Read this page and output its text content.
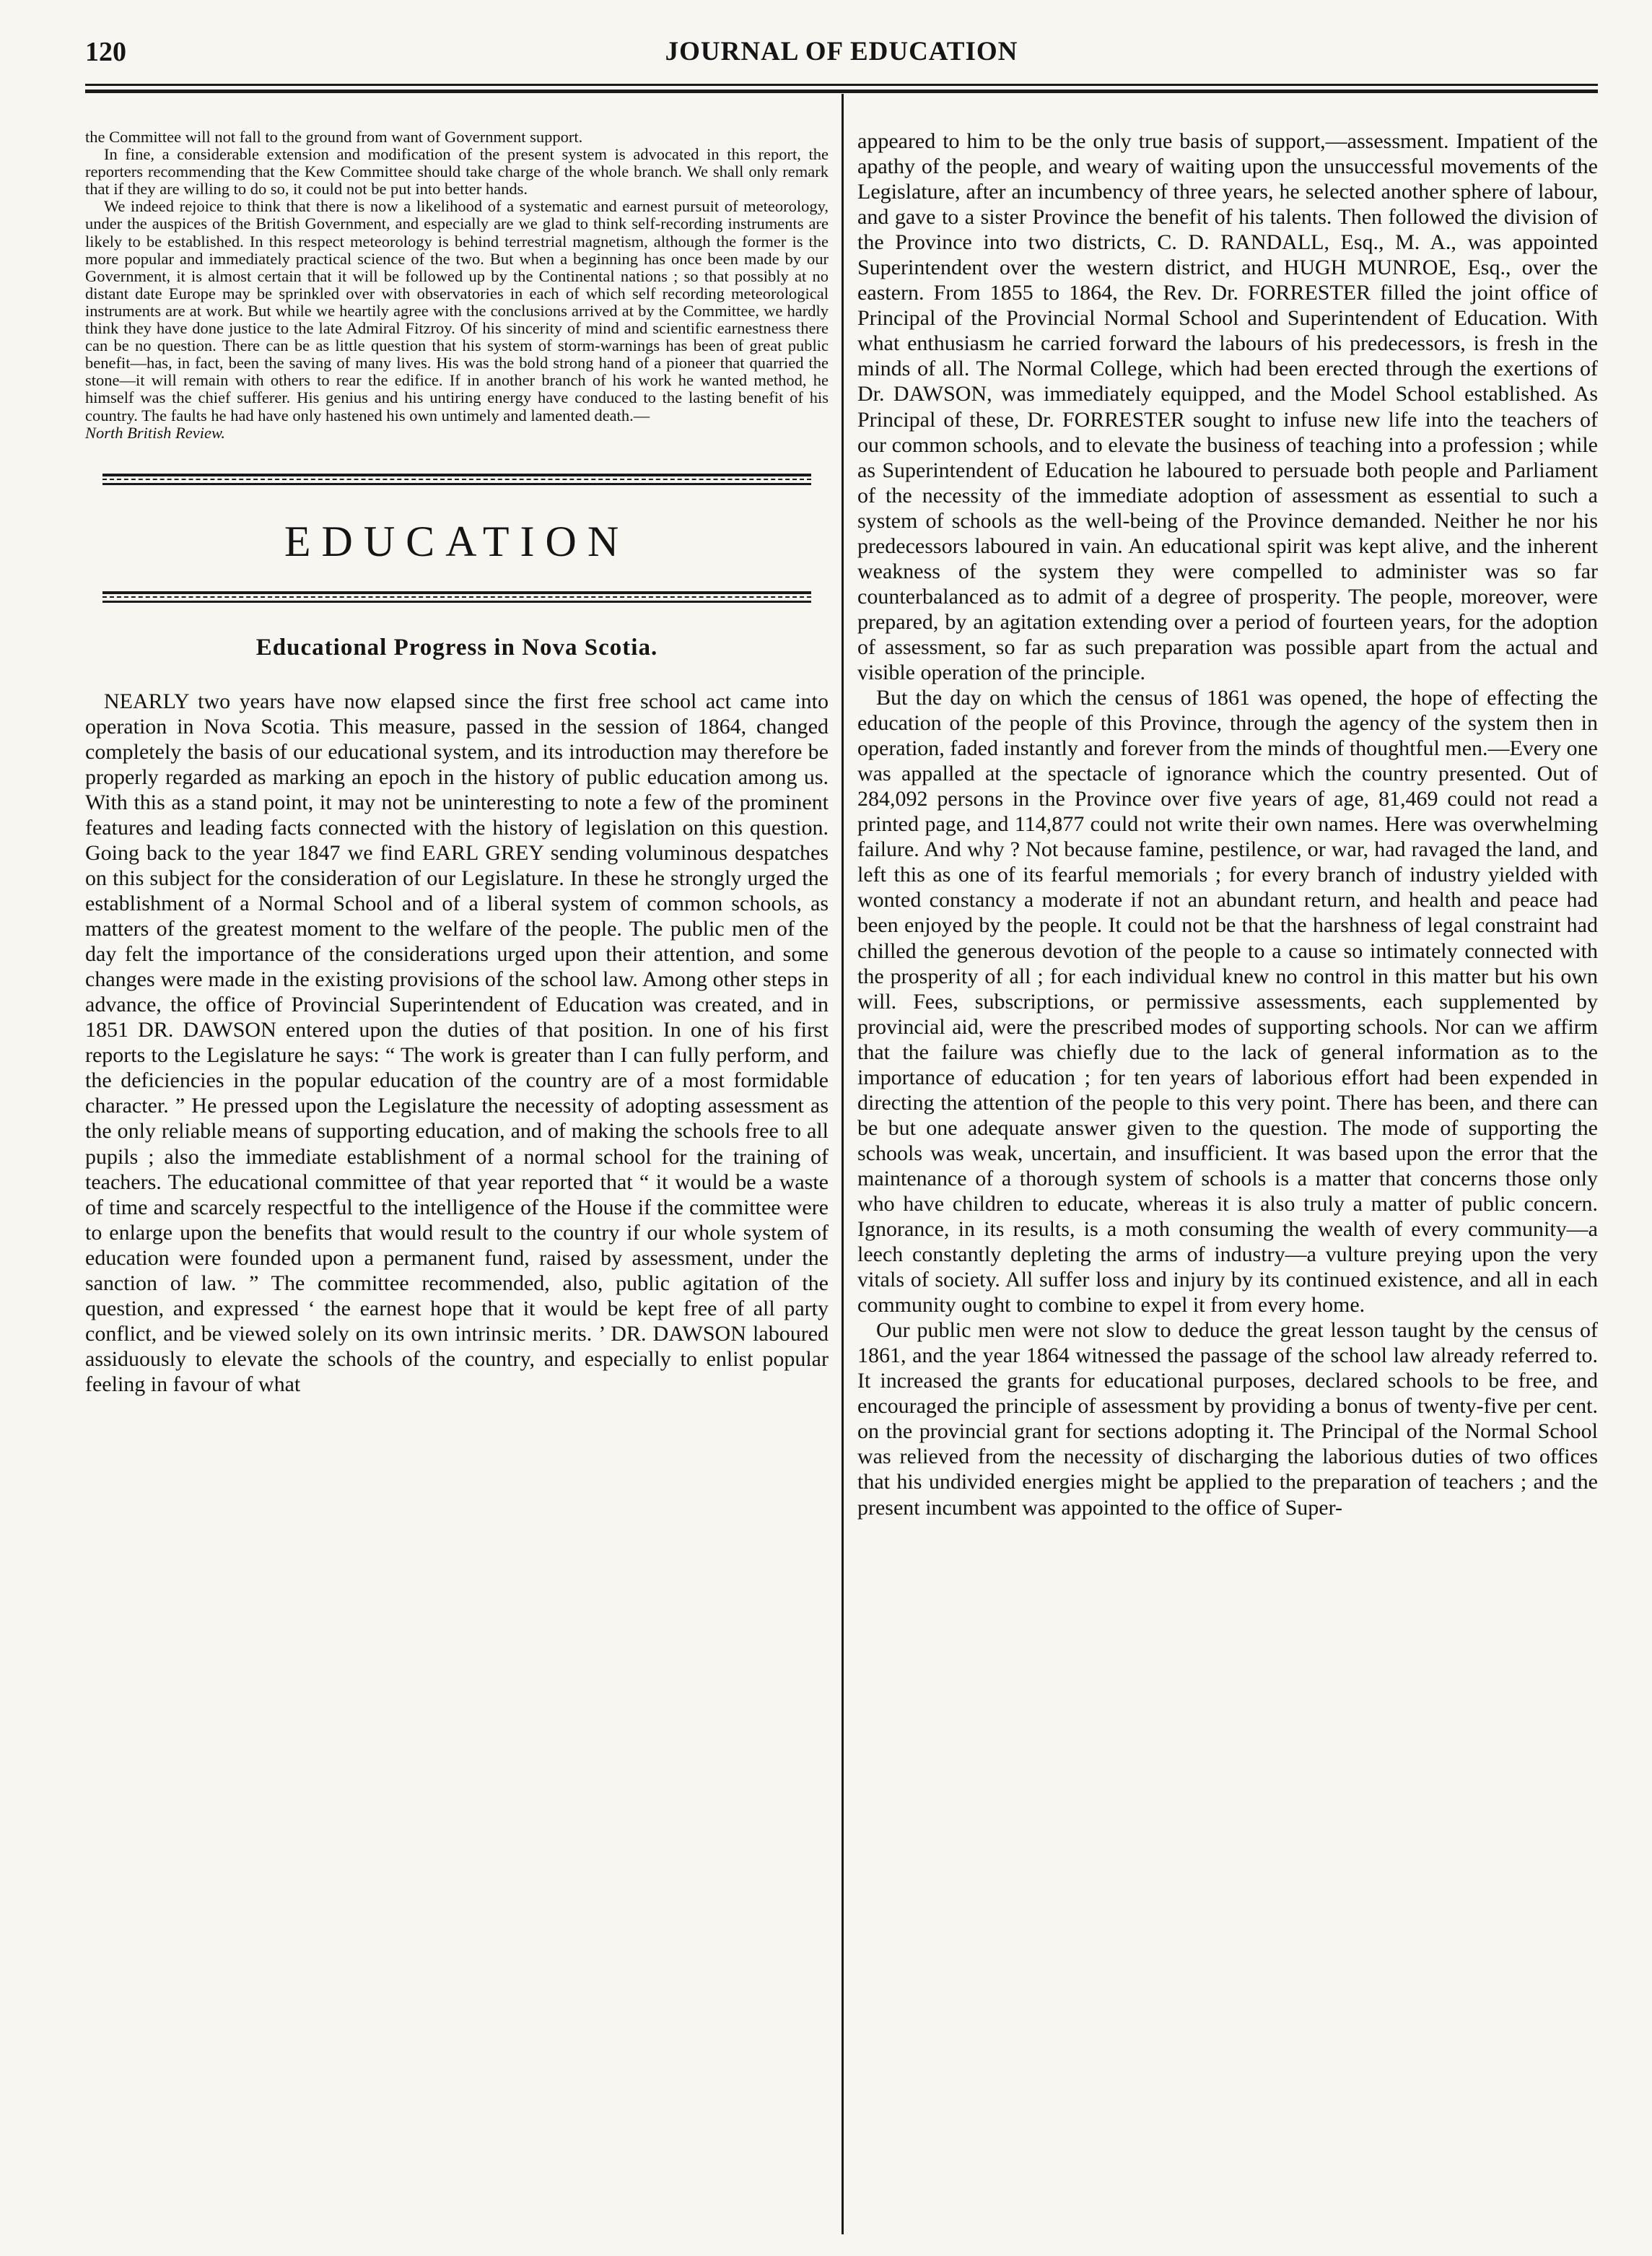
120	JOURNAL OF EDUCATION

the Committee will not fall to the ground from want of Government support.

In fine, a considerable extension and modification of the present system is advocated in this report, the reporters recommending that the Kew Committee should take charge of the whole branch. We shall only remark that if they are willing to do so, it could not be put into better hands.

We indeed rejoice to think that there is now a likelihood of a systematic and earnest pursuit of meteorology, under the auspices of the British Government, and especially are we glad to think self-recording instruments are likely to be established. In this respect meteorology is behind terrestrial magnetism, although the former is the more popular and immediately practical science of the two. But when a beginning has once been made by our Government, it is almost certain that it will be followed up by the Continental nations ; so that possibly at no distant date Europe may be sprinkled over with observatories in each of which self recording meteorological instruments are at work. But while we heartily agree with the conclusions arrived at by the Committee, we hardly think they have done justice to the late Admiral Fitzroy. Of his sincerity of mind and scientific earnestness there can be no question. There can be as little question that his system of storm-warnings has been of great public benefit—has, in fact, been the saving of many lives. His was the bold strong hand of a pioneer that quarried the stone—it will remain with others to rear the edifice. If in another branch of his work he wanted method, he himself was the chief sufferer. His genius and his untiring energy have conduced to the lasting benefit of his country. The faults he had have only hastened his own untimely and lamented death.—

North British Review.

EDUCATION
Educational Progress in Nova Scotia.

NEARLY two years have now elapsed since the first free school act came into operation in Nova Scotia. This measure, passed in the session of 1864, changed completely the basis of our educational system, and its introduction may therefore be properly regarded as marking an epoch in the history of public education among us. With this as a stand point, it may not be uninteresting to note a few of the prominent features and leading facts connected with the history of legislation on this question. Going back to the year 1847 we find EARL GREY sending voluminous despatches on this subject for the consideration of our Legislature. In these he strongly urged the establishment of a Normal School and of a liberal system of common schools, as matters of the greatest moment to the welfare of the people. The public men of the day felt the importance of the considerations urged upon their attention, and some changes were made in the existing provisions of the school law. Among other steps in advance, the office of Provincial Superintendent of Education was created, and in 1851 DR. DAWSON entered upon the duties of that position. In one of his first reports to the Legislature he says: “ The work is greater than I can fully perform, and the deficiencies in the popular education of the country are of a most formidable character. ” He pressed upon the Legislature the necessity of adopting assessment as the only reliable means of supporting education, and of making the schools free to all pupils ; also the immediate establishment of a normal school for the training of teachers. The educational committee of that year reported that “ it would be a waste of time and scarcely respectful to the intelligence of the House if the committee were to enlarge upon the benefits that would result to the country if our whole system of education were founded upon a permanent fund, raised by assessment, under the sanction of law. ” The committee recommended, also, public agitation of the question, and expressed ‘ the earnest hope that it would be kept free of all party conflict, and be viewed solely on its own intrinsic merits. ’ DR. DAWSON laboured assiduously to elevate the schools of the country, and especially to enlist popular feeling in favour of what

appeared to him to be the only true basis of support,—assessment. Impatient of the apathy of the people, and weary of waiting upon the unsuccessful movements of the Legislature, after an incumbency of three years, he selected another sphere of labour, and gave to a sister Province the benefit of his talents. Then followed the division of the Province into two districts, C. D. RANDALL, Esq., M. A., was appointed Superintendent over the western district, and HUGH MUNROE, Esq., over the eastern. From 1855 to 1864, the Rev. Dr. FORRESTER filled the joint office of Principal of the Provincial Normal School and Superintendent of Education. With what enthusiasm he carried forward the labours of his predecessors, is fresh in the minds of all. The Normal College, which had been erected through the exertions of Dr. DAWSON, was immediately equipped, and the Model School established. As Principal of these, Dr. FORRESTER sought to infuse new life into the teachers of our common schools, and to elevate the business of teaching into a profession ; while as Superintendent of Education he laboured to persuade both people and Parliament of the necessity of the immediate adoption of assessment as essential to such a system of schools as the well-being of the Province demanded. Neither he nor his predecessors laboured in vain. An educational spirit was kept alive, and the inherent weakness of the system they were compelled to administer was so far counterbalanced as to admit of a degree of prosperity. The people, moreover, were prepared, by an agitation extending over a period of fourteen years, for the adoption of assessment, so far as such preparation was possible apart from the actual and visible operation of the principle.

But the day on which the census of 1861 was opened, the hope of effecting the education of the people of this Province, through the agency of the system then in operation, faded instantly and forever from the minds of thoughtful men.—Every one was appalled at the spectacle of ignorance which the country presented. Out of 284,092 persons in the Province over five years of age, 81,469 could not read a printed page, and 114,877 could not write their own names. Here was overwhelming failure. And why ? Not because famine, pestilence, or war, had ravaged the land, and left this as one of its fearful memorials ; for every branch of industry yielded with wonted constancy a moderate if not an abundant return, and health and peace had been enjoyed by the people. It could not be that the harshness of legal constraint had chilled the generous devotion of the people to a cause so intimately connected with the prosperity of all ; for each individual knew no control in this matter but his own will. Fees, subscriptions, or permissive assessments, each supplemented by provincial aid, were the prescribed modes of supporting schools. Nor can we affirm that the failure was chiefly due to the lack of general information as to the importance of education ; for ten years of laborious effort had been expended in directing the attention of the people to this very point. There has been, and there can be but one adequate answer given to the question. The mode of supporting the schools was weak, uncertain, and insufficient. It was based upon the error that the maintenance of a thorough system of schools is a matter that concerns those only who have children to educate, whereas it is also truly a matter of public concern. Ignorance, in its results, is a moth consuming the wealth of every community—a leech constantly depleting the arms of industry—a vulture preying upon the very vitals of society. All suffer loss and injury by its continued existence, and all in each community ought to combine to expel it from every home.

Our public men were not slow to deduce the great lesson taught by the census of 1861, and the year 1864 witnessed the passage of the school law already referred to. It increased the grants for educational purposes, declared schools to be free, and encouraged the principle of assessment by providing a bonus of twenty-five per cent. on the provincial grant for sections adopting it. The Principal of the Normal School was relieved from the necessity of discharging the laborious duties of two offices that his undivided energies might be applied to the preparation of teachers ; and the present incumbent was appointed to the office of Super-
